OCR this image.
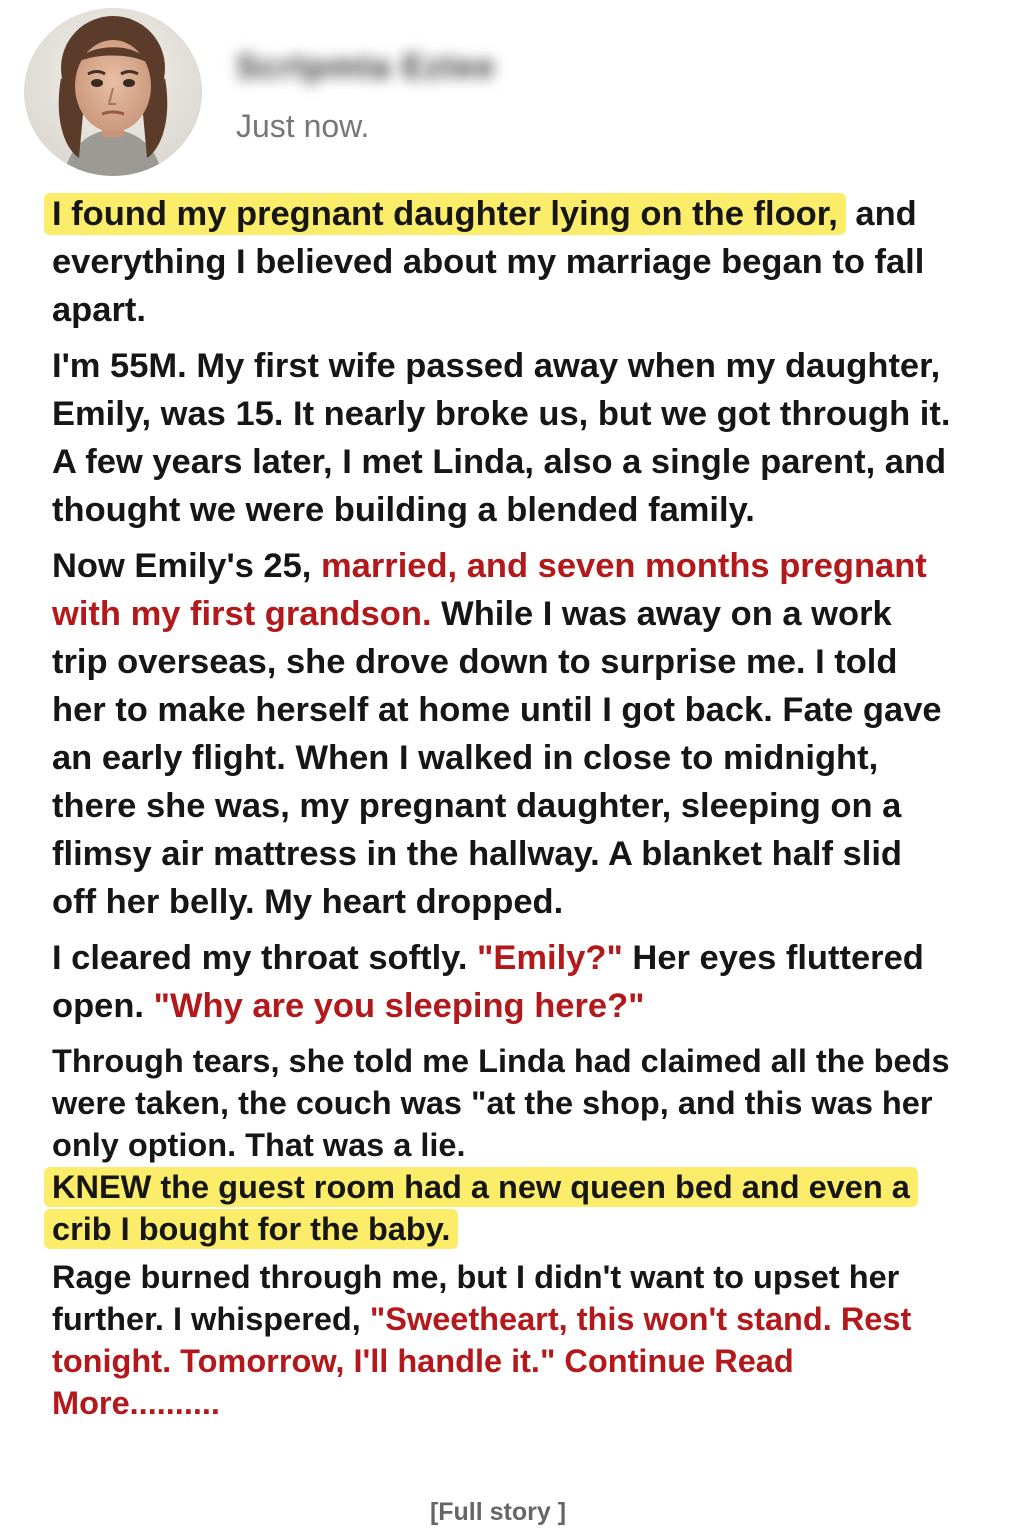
Scrtpmta Eztee
Just now.

I found my pregnant daughter lying on the floor, and everything I believed about my marriage began to fall apart.

I'm 55M. My first wife passed away when my daughter, Emily, was 15. It nearly broke us, but we got through it. A few years later, I met Linda, also a single parent, and thought we were building a blended family.

Now Emily's 25, married, and seven months pregnant with my first grandson. While I was away on a work trip overseas, she drove down to surprise me. I told her to make herself at home until I got back. Fate gave an early flight. When I walked in close to midnight, there she was, my pregnant daughter, sleeping on a flimsy air mattress in the hallway. A blanket half slid off her belly. My heart dropped.

I cleared my throat softly. "Emily?" Her eyes fluttered open. "Why are you sleeping here?"

Through tears, she told me Linda had claimed all the beds were taken, the couch was "at the shop, and this was her only option. That was a lie.
KNEW the guest room had a new queen bed and even a crib I bought for the baby.

Rage burned through me, but I didn't want to upset her further. I whispered, "Sweetheart, this won't stand. Rest tonight. Tomorrow, I'll handle it." Continue Read More..........

[Full story ]
